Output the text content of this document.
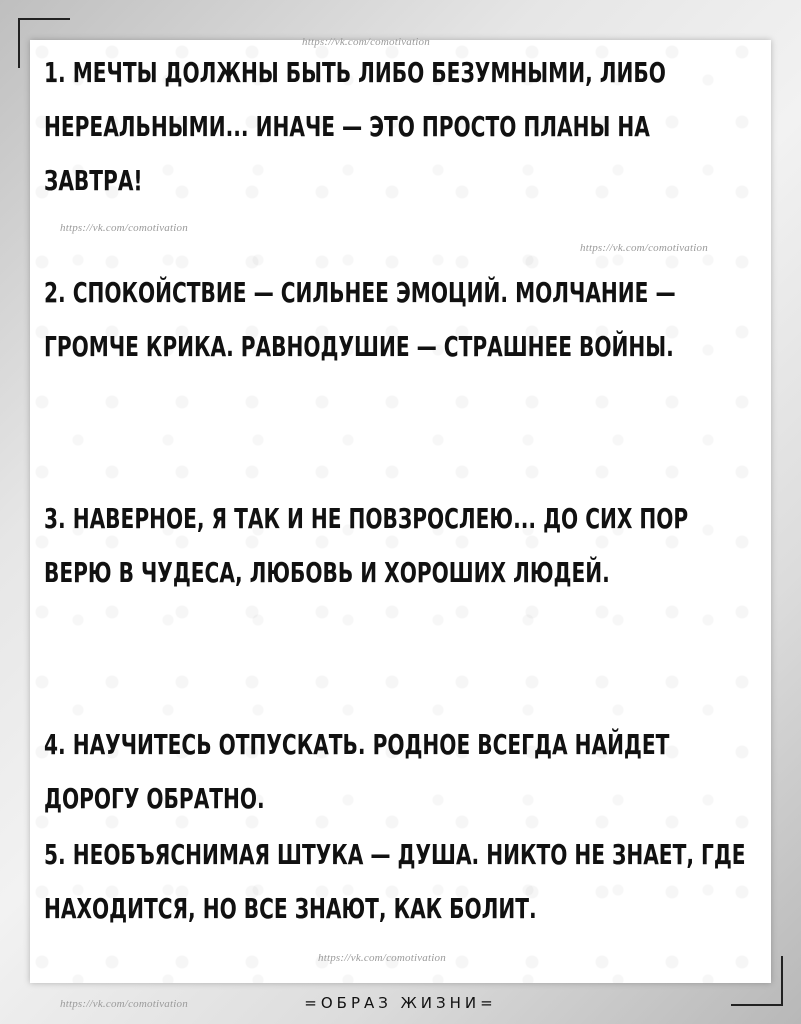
https://vk.com/comotivation
https://vk.com/comotivation
https://vk.com/comotivation
https://vk.com/comotivation
https://vk.com/comotivation

1. МЕЧТЫ ДОЛЖНЫ БЫТЬ ЛИБО БЕЗУМНЫМИ, ЛИБО НЕРЕАЛЬНЫМИ... ИНАЧЕ — ЭТО ПРОСТО ПЛАНЫ НА ЗАВТРА!

2. СПОКОЙСТВИЕ — СИЛЬНЕЕ ЭМОЦИЙ. МОЛЧАНИЕ — ГРОМЧЕ КРИКА. РАВНОДУШИЕ — СТРАШНЕЕ ВОЙНЫ.

3. НАВЕРНОЕ, Я ТАК И НЕ ПОВЗРОСЛЕЮ... ДО СИХ ПОР ВЕРЮ В ЧУДЕСА, ЛЮБОВЬ И ХОРОШИХ ЛЮДЕЙ.

4. НАУЧИТЕСЬ ОТПУСКАТЬ. РОДНОЕ ВСЕГДА НАЙДЕТ ДОРОГУ ОБРАТНО.

5. НЕОБЪЯСНИМАЯ ШТУКА — ДУША. НИКТО НЕ ЗНАЕТ, ГДЕ НАХОДИТСЯ, НО ВСЕ ЗНАЮТ, КАК БОЛИТ.

=ОБРАЗ ЖИЗНИ=
